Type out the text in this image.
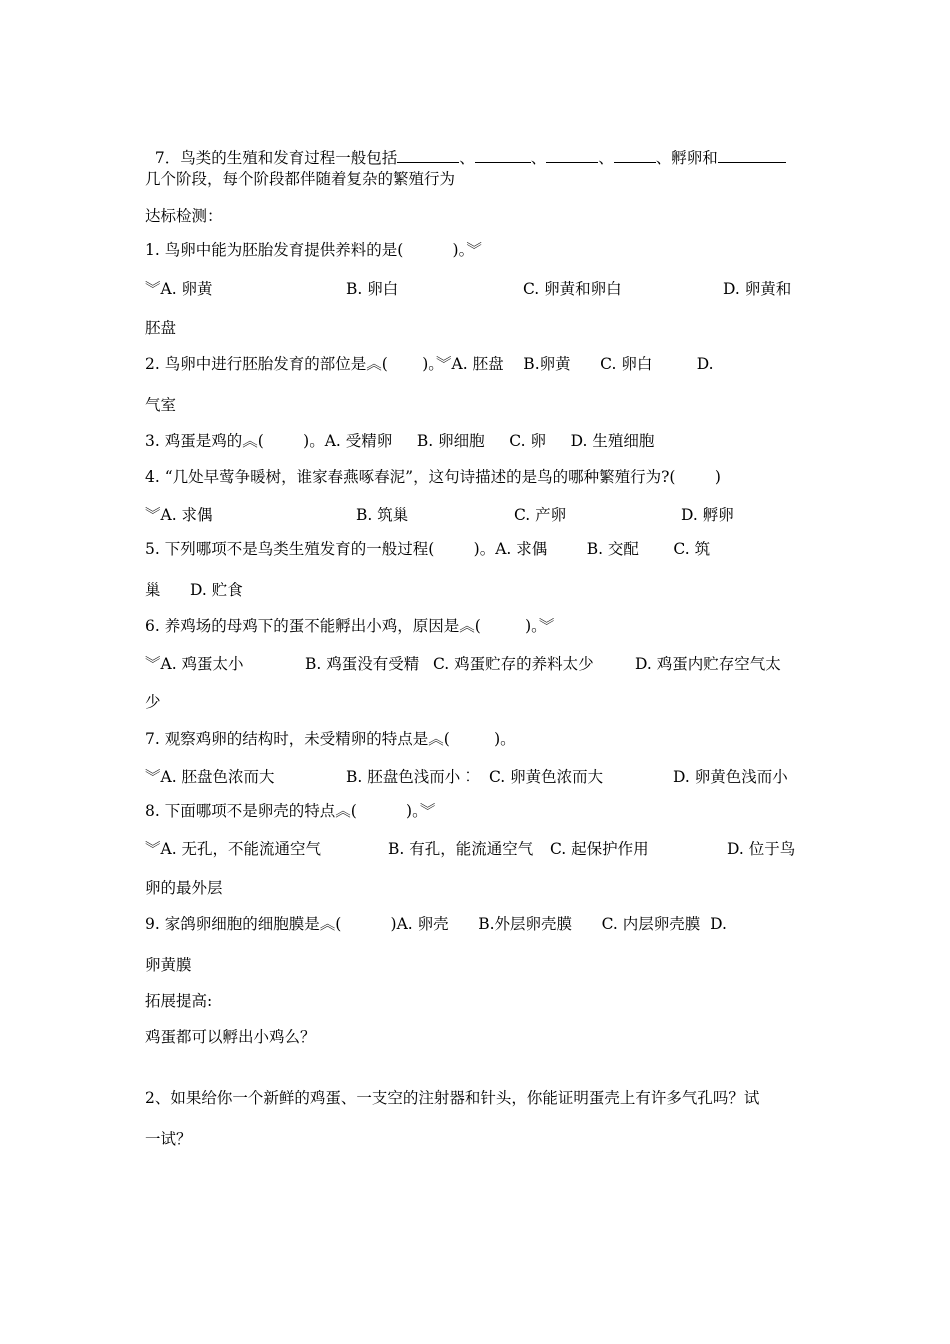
7．鸟类的生殖和发育过程一般包括	、	、	、	、孵卵和

几个阶段，每个阶段都伴随着复杂的繁殖行为
达标检测：
1. 鸟卵中能为胚胎发育提供养料的是(          )。︾
︾A. 卵黄	B. 卵白	C. 卵黄和卵白	D. 卵黄和
胚盘
2. 鸟卵中进行胚胎发育的部位是︽(       )。︾A. 胚盘    B.卵黄      C. 卵白         D.
气室
3. 鸡蛋是鸡的︽(        )。A. 受精卵     B. 卵细胞     C. 卵     D. 生殖细胞
4. “几处早莺争暖树，谁家春燕啄春泥”，这句诗描述的是鸟的哪种繁殖行为?(        )
︾A. 求偶	B. 筑巢	C. 产卵	D. 孵卵
5. 下列哪项不是鸟类生殖发育的一般过程(        )。A. 求偶        B. 交配       C. 筑
巢      D. 贮食
6. 养鸡场的母鸡下的蛋不能孵出小鸡，原因是︽(         )。︾
︾A. 鸡蛋太小	B. 鸡蛋没有受精 C. 鸡蛋贮存的养料太少	D. 鸡蛋内贮存空气太
少
7. 观察鸡卵的结构时，未受精卵的特点是︽(         )。
︾A. 胚盘色浓而大	B. 胚盘色浅而小︰ C. 卵黄色浓而大	D. 卵黄色浅而小
8. 下面哪项不是卵壳的特点︽(          )。︾
︾A. 无孔，不能流通空气	B. 有孔，能流通空气 C. 起保护作用	D. 位于鸟
卵的最外层
9. 家鸽卵细胞的细胞膜是︽(          )A. 卵壳      B.外层卵壳膜      C. 内层卵壳膜  D.
卵黄膜
拓展提高:
鸡蛋都可以孵出小鸡么？
2、如果给你一个新鲜的鸡蛋、一支空的注射器和针头，你能证明蛋壳上有许多气孔吗？试
一试？
